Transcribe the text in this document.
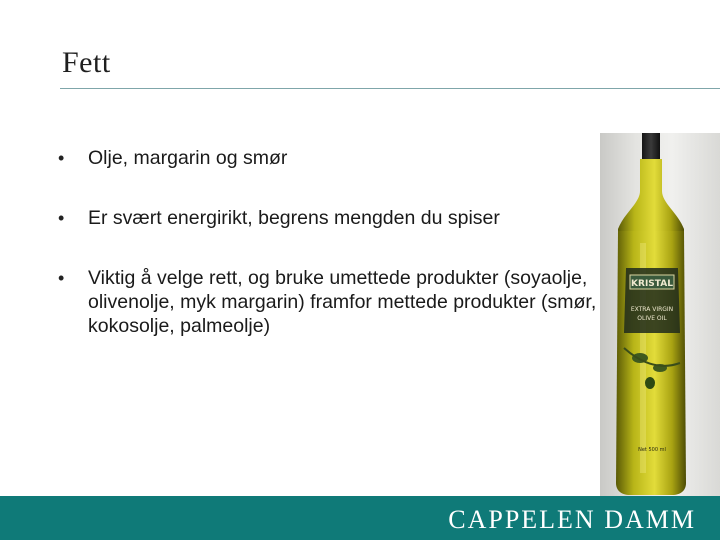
Fett
•	Olje, margarin og smør
•	Er svært energirikt, begrens mengden du spiser
•	Viktig å velge rett, og bruke umettede produkter (soyaolje, olivenolje, myk margarin) framfor mettede produkter (smør, kokosolje, palmeolje)
KRISTAL
EXTRA VIRGIN
OLIVE OIL
Net 500 ml
CAPPELEN DAMM
